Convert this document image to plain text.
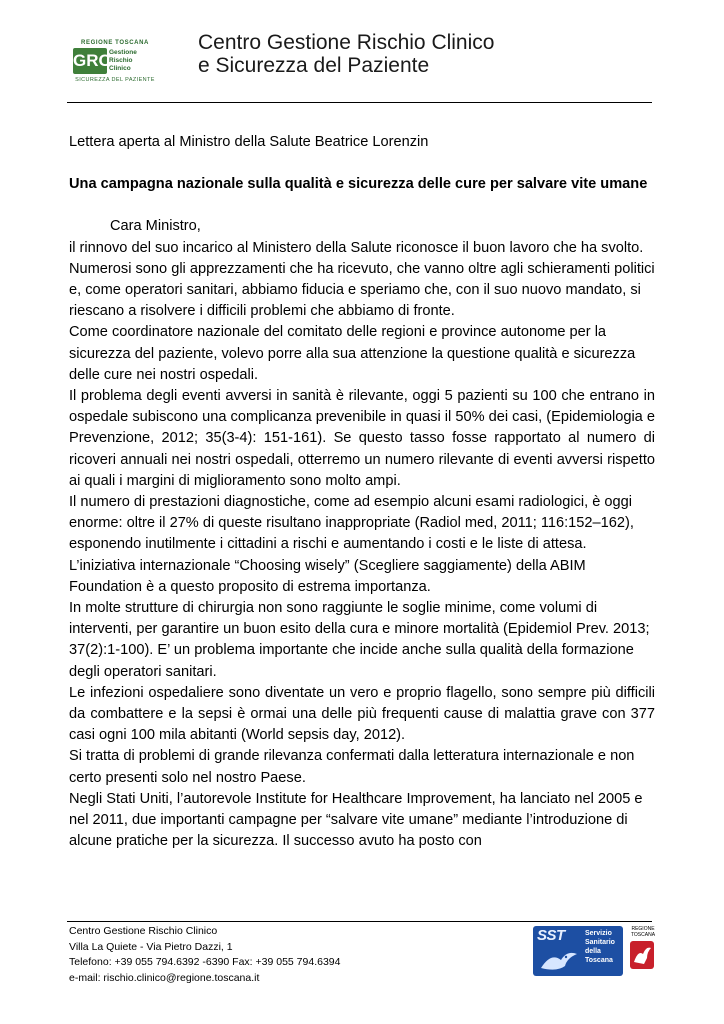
REGIONE TOSCANA
GRC
Gestione
Rischio
Clinico
SICUREZZA DEL PAZIENTE
Centro Gestione Rischio Clinico
e Sicurezza del Paziente

Lettera aperta al Ministro della Salute Beatrice Lorenzin

Una campagna nazionale sulla qualità e sicurezza delle cure per salvare vite umane

Cara Ministro,

il rinnovo del suo incarico al Ministero della Salute riconosce il buon lavoro che ha svolto. Numerosi sono gli apprezzamenti che ha ricevuto, che vanno oltre agli schieramenti politici e, come operatori sanitari, abbiamo fiducia e speriamo che, con il suo nuovo mandato, si riescano a risolvere i difficili problemi che abbiamo di fronte.

Come coordinatore nazionale del comitato delle regioni e province autonome per la sicurezza del paziente, volevo porre alla sua attenzione la questione qualità e sicurezza delle cure nei nostri ospedali.

Il problema degli eventi avversi in sanità è rilevante, oggi 5 pazienti su 100 che entrano in ospedale subiscono una complicanza prevenibile in quasi il 50% dei casi, (Epidemiologia e Prevenzione, 2012; 35(3-4): 151-161). Se questo tasso fosse rapportato al numero di ricoveri annuali nei nostri ospedali, otterremo un numero rilevante di eventi avversi rispetto ai quali i margini di miglioramento sono molto ampi.

Il numero di prestazioni diagnostiche, come ad esempio alcuni esami radiologici, è oggi enorme: oltre il 27% di queste risultano inappropriate (Radiol med, 2011; 116:152–162), esponendo inutilmente i cittadini a rischi e aumentando i costi e le liste di attesa. L’iniziativa internazionale “Choosing wisely” (Scegliere saggiamente) della ABIM Foundation è a questo proposito di estrema importanza.

In molte strutture di chirurgia non sono raggiunte le soglie minime, come volumi di interventi, per garantire un buon esito della cura e minore mortalità (Epidemiol Prev. 2013; 37(2):1-100). E’ un problema importante che incide anche sulla qualità della formazione degli operatori sanitari.

Le infezioni ospedaliere sono diventate un vero e proprio flagello, sono sempre più difficili da combattere e la sepsi è ormai una delle più frequenti cause di malattia grave con 377 casi ogni 100 mila abitanti (World sepsis day, 2012).

Si tratta di problemi di grande rilevanza confermati dalla letteratura internazionale e non certo presenti solo nel nostro Paese.

Negli Stati Uniti, l’autorevole Institute for Healthcare Improvement, ha lanciato nel 2005 e nel 2011, due importanti campagne per “salvare vite umane” mediante l’introduzione di alcune pratiche per la sicurezza. Il successo avuto ha posto con

Centro Gestione Rischio Clinico
Villa La Quiete - Via Pietro Dazzi, 1
Telefono: +39 055 794.6392 -6390 Fax: +39 055 794.6394
e-mail: rischio.clinico@regione.toscana.it
SST	Servizio
Sanitario
della
Toscana
REGIONE TOSCANA
